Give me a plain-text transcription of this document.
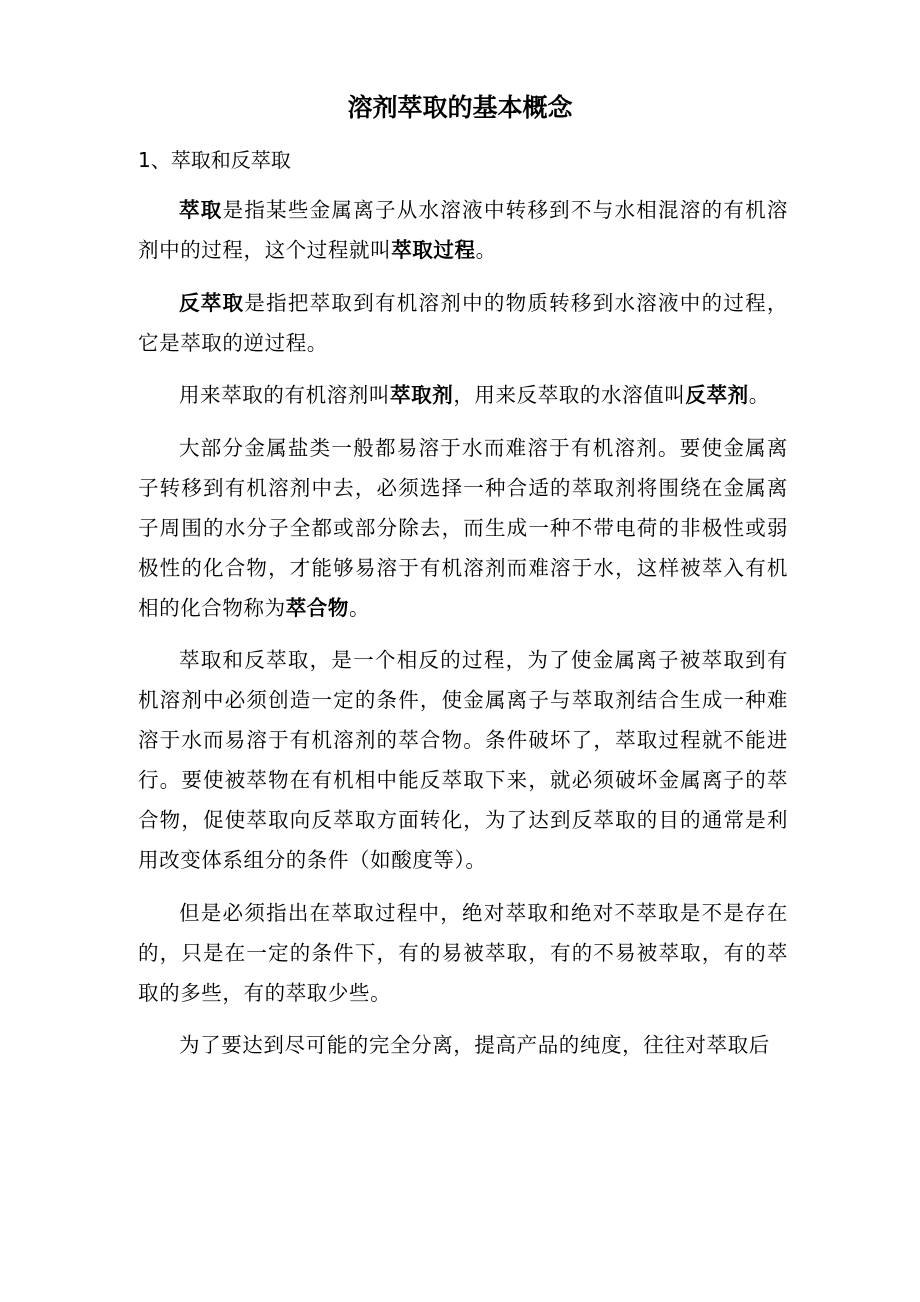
溶剂萃取的基本概念

1、萃取和反萃取

萃取是指某些金属离子从水溶液中转移到不与水相混溶的有机溶剂中的过程，这个过程就叫萃取过程。

反萃取是指把萃取到有机溶剂中的物质转移到水溶液中的过程，它是萃取的逆过程。

用来萃取的有机溶剂叫萃取剂，用来反萃取的水溶值叫反萃剂。

大部分金属盐类一般都易溶于水而难溶于有机溶剂。要使金属离子转移到有机溶剂中去，必须选择一种合适的萃取剂将围绕在金属离子周围的水分子全都或部分除去，而生成一种不带电荷的非极性或弱极性的化合物，才能够易溶于有机溶剂而难溶于水，这样被萃入有机相的化合物称为萃合物。

萃取和反萃取，是一个相反的过程，为了使金属离子被萃取到有机溶剂中必须创造一定的条件，使金属离子与萃取剂结合生成一种难溶于水而易溶于有机溶剂的萃合物。条件破坏了，萃取过程就不能进行。要使被萃物在有机相中能反萃取下来，就必须破坏金属离子的萃合物，促使萃取向反萃取方面转化，为了达到反萃取的目的通常是利用改变体系组分的条件（如酸度等）。

但是必须指出在萃取过程中，绝对萃取和绝对不萃取是不是存在的，只是在一定的条件下，有的易被萃取，有的不易被萃取，有的萃取的多些，有的萃取少些。

为了要达到尽可能的完全分离，提高产品的纯度，往往对萃取后
